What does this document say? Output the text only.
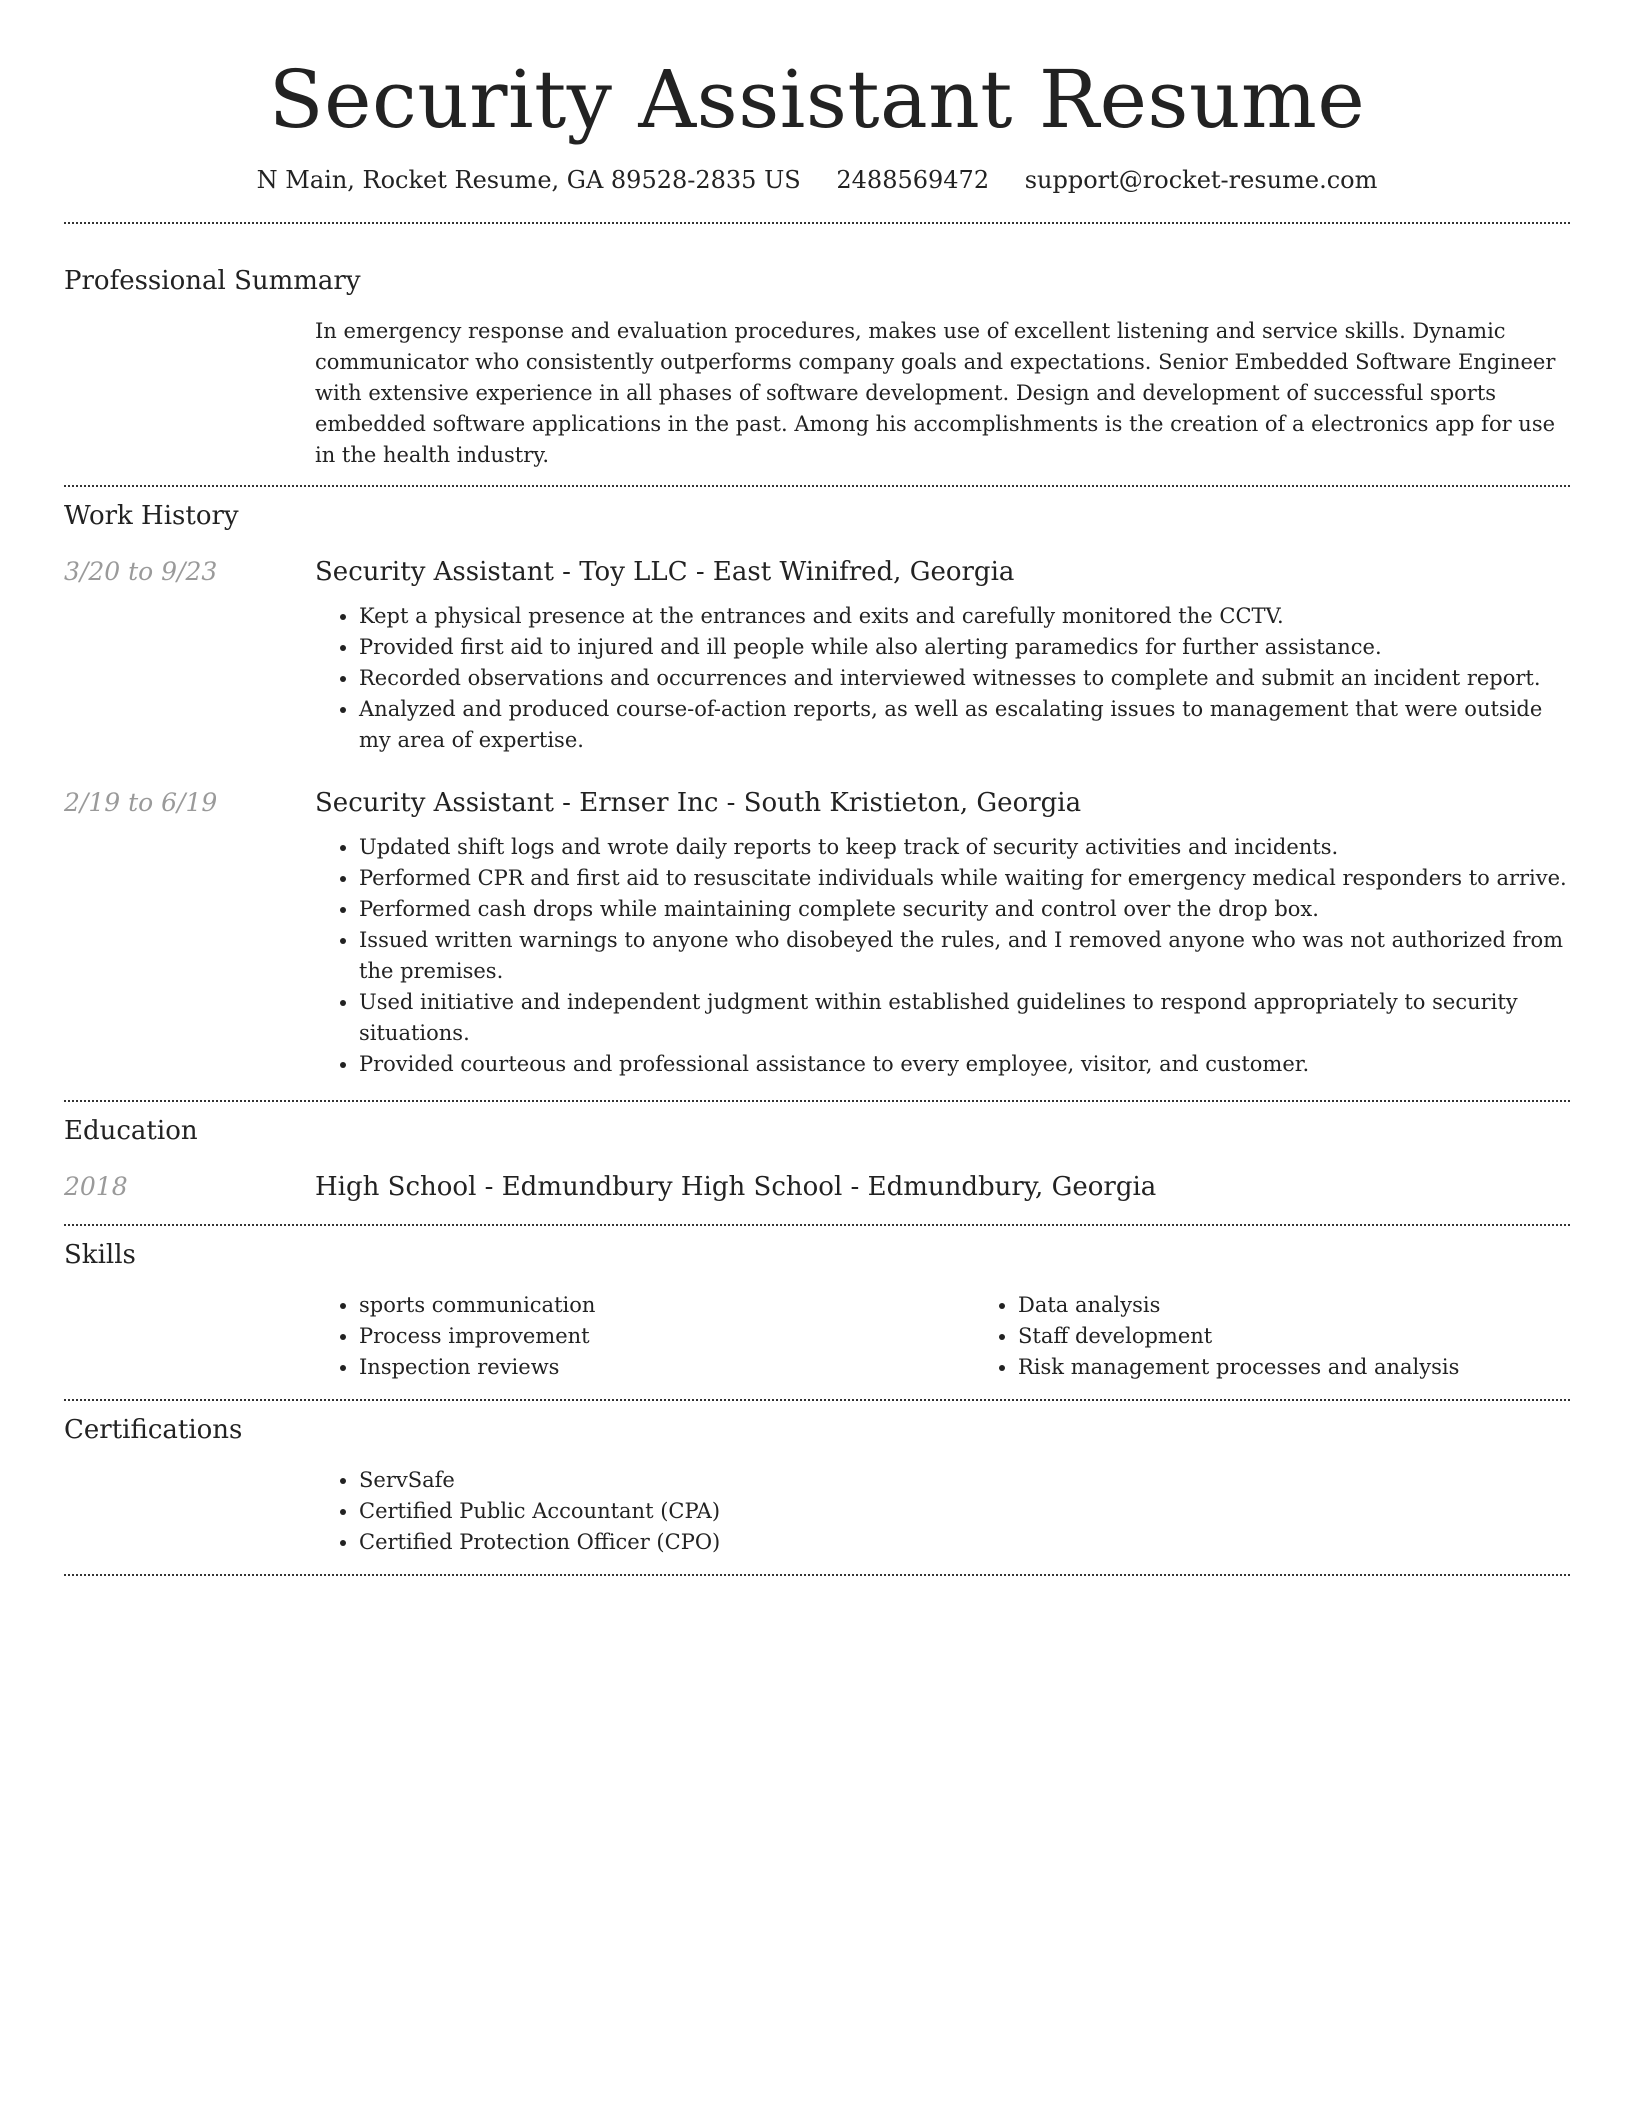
Security Assistant Resume
N Main, Rocket Resume, GA 89528-2835 US 2488569472 support@rocket-resume.com
Professional Summary
In emergency response and evaluation procedures, makes use of excellent listening and service skills. Dynamic communicator who consistently outperforms company goals and expectations. Senior Embedded Software Engineer with extensive experience in all phases of software development. Design and development of successful sports embedded software applications in the past. Among his accomplishments is the creation of a electronics app for use in the health industry.
Work History
3/20 to 9/23	Security Assistant - Toy LLC - East Winifred, Georgia
• Kept a physical presence at the entrances and exits and carefully monitored the CCTV.
• Provided first aid to injured and ill people while also alerting paramedics for further assistance.
• Recorded observations and occurrences and interviewed witnesses to complete and submit an incident report.
• Analyzed and produced course-of-action reports, as well as escalating issues to management that were outside my area of expertise.
2/19 to 6/19	Security Assistant - Ernser Inc - South Kristieton, Georgia
• Updated shift logs and wrote daily reports to keep track of security activities and incidents.
• Performed CPR and first aid to resuscitate individuals while waiting for emergency medical responders to arrive.
• Performed cash drops while maintaining complete security and control over the drop box.
• Issued written warnings to anyone who disobeyed the rules, and I removed anyone who was not authorized from the premises.
• Used initiative and independent judgment within established guidelines to respond appropriately to security situations.
• Provided courteous and professional assistance to every employee, visitor, and customer.
Education
2018	High School - Edmundbury High School - Edmundbury, Georgia
Skills
• sports communication
• Process improvement
• Inspection reviews
• Data analysis
• Staff development
• Risk management processes and analysis
Certifications
• ServSafe
• Certified Public Accountant (CPA)
• Certified Protection Officer (CPO)
